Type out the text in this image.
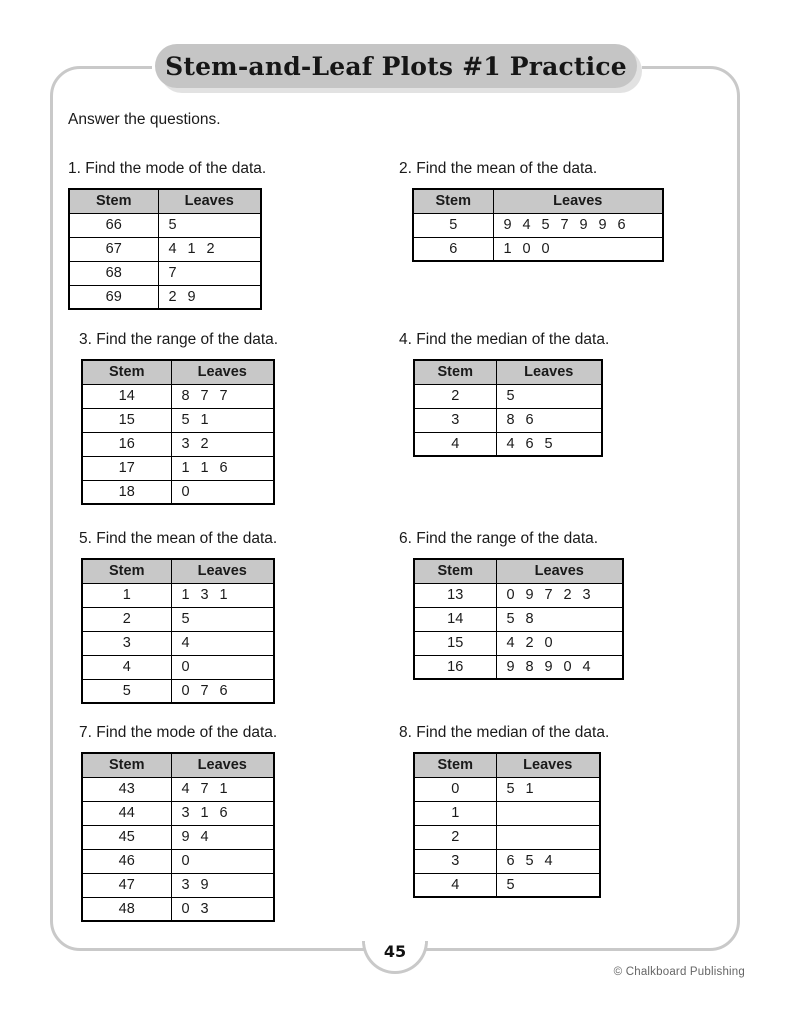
Stem-and-Leaf Plots #1 Practice
Answer the questions.
1. Find the mode of the data.
Stem	Leaves
66	5
67	4 1 2
68	7
69	2 9
2. Find the mean of the data.
Stem	Leaves
5	9 4 5 7 9 9 6
6	1 0 0
3. Find the range of the data.
Stem	Leaves
14	8 7 7
15	5 1
16	3 2
17	1 1 6
18	0
4. Find the median of the data.
Stem	Leaves
2	5
3	8 6
4	4 6 5
5. Find the mean of the data.
Stem	Leaves
1	1 3 1
2	5
3	4
4	0
5	0 7 6
6. Find the range of the data.
Stem	Leaves
13	0 9 7 2 3
14	5 8
15	4 2 0
16	9 8 9 0 4
7. Find the mode of the data.
Stem	Leaves
43	4 7 1
44	3 1 6
45	9 4
46	0
47	3 9
48	0 3
8. Find the median of the data.
Stem	Leaves
0	5 1
1	
2	
3	6 5 4
4	5
45
© Chalkboard Publishing
